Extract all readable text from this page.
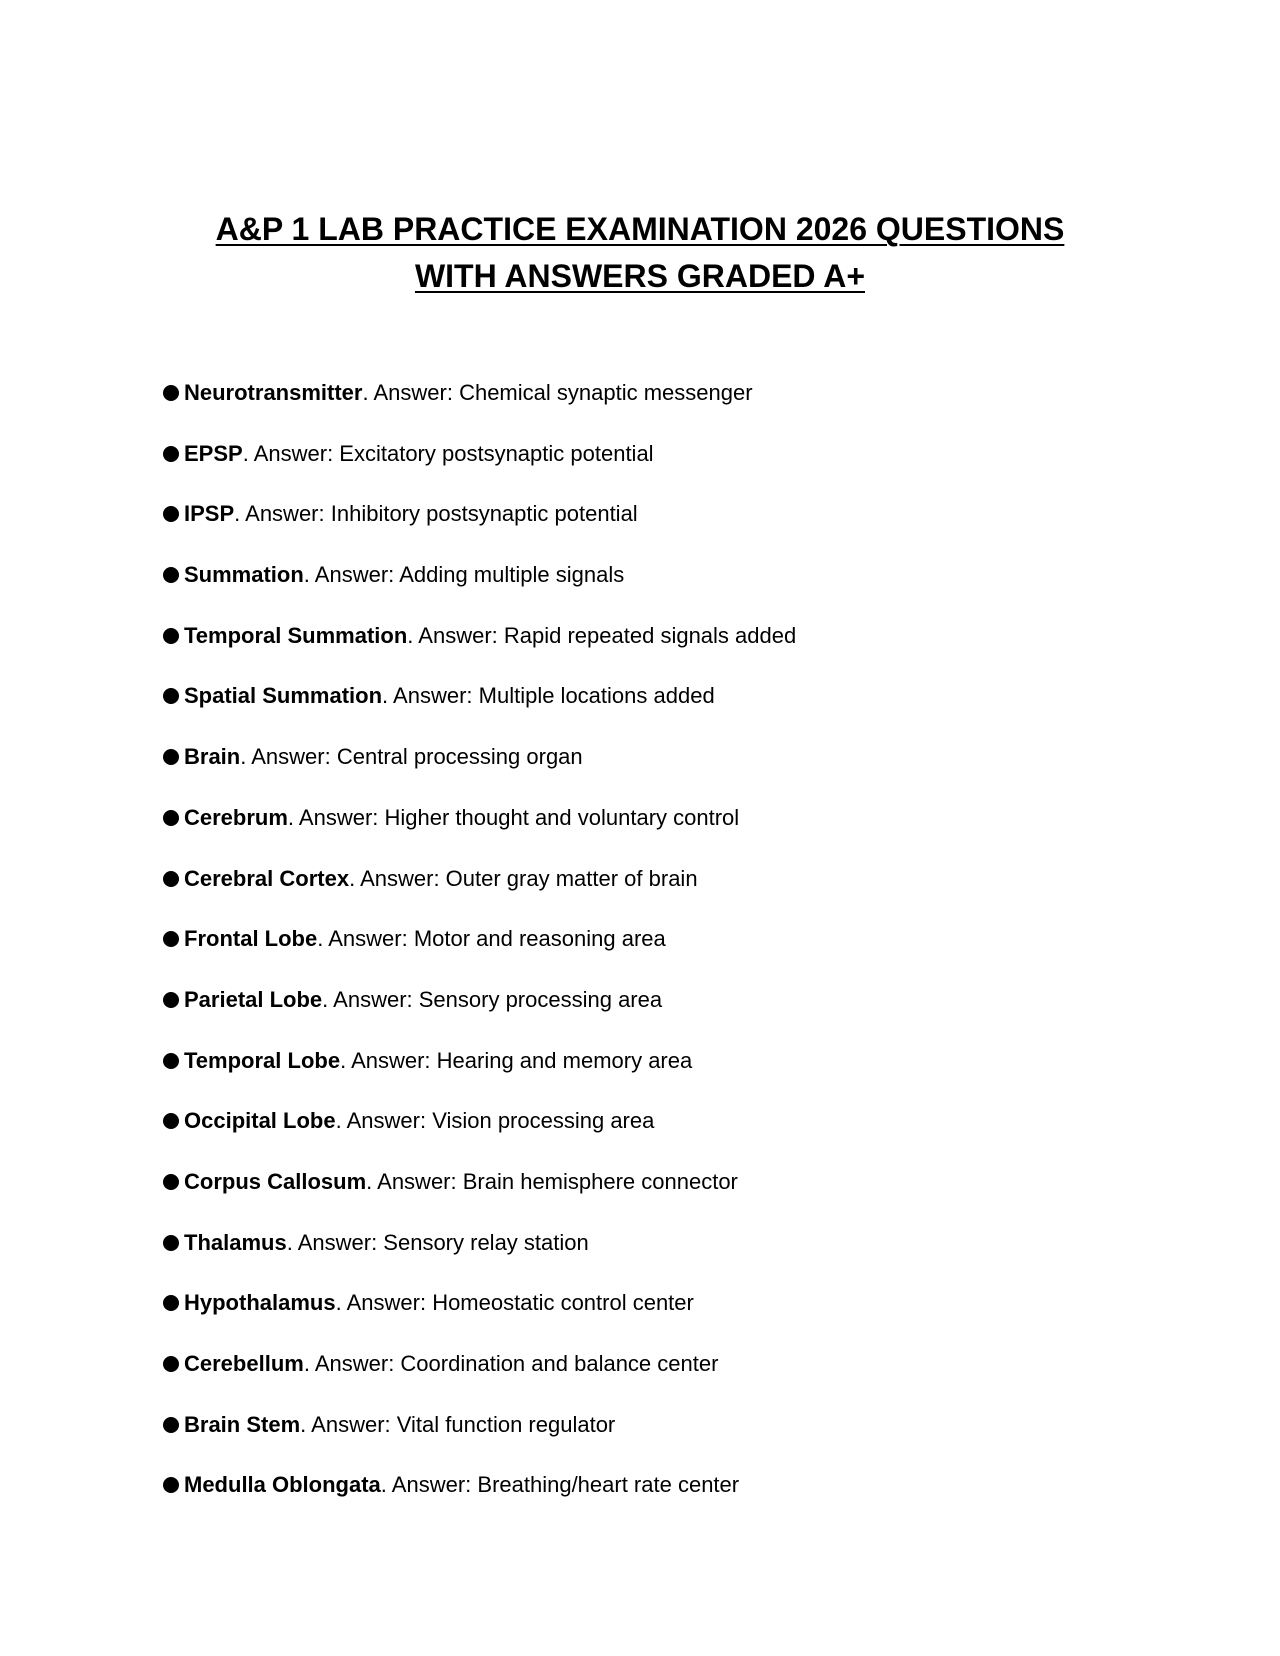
A&P 1 LAB PRACTICE EXAMINATION 2026 QUESTIONS
WITH ANSWERS GRADED A+
Neurotransmitter. Answer: Chemical synaptic messenger
EPSP. Answer: Excitatory postsynaptic potential
IPSP. Answer: Inhibitory postsynaptic potential
Summation. Answer: Adding multiple signals
Temporal Summation. Answer: Rapid repeated signals added
Spatial Summation. Answer: Multiple locations added
Brain. Answer: Central processing organ
Cerebrum. Answer: Higher thought and voluntary control
Cerebral Cortex. Answer: Outer gray matter of brain
Frontal Lobe. Answer: Motor and reasoning area
Parietal Lobe. Answer: Sensory processing area
Temporal Lobe. Answer: Hearing and memory area
Occipital Lobe. Answer: Vision processing area
Corpus Callosum. Answer: Brain hemisphere connector
Thalamus. Answer: Sensory relay station
Hypothalamus. Answer: Homeostatic control center
Cerebellum. Answer: Coordination and balance center
Brain Stem. Answer: Vital function regulator
Medulla Oblongata. Answer: Breathing/heart rate center
